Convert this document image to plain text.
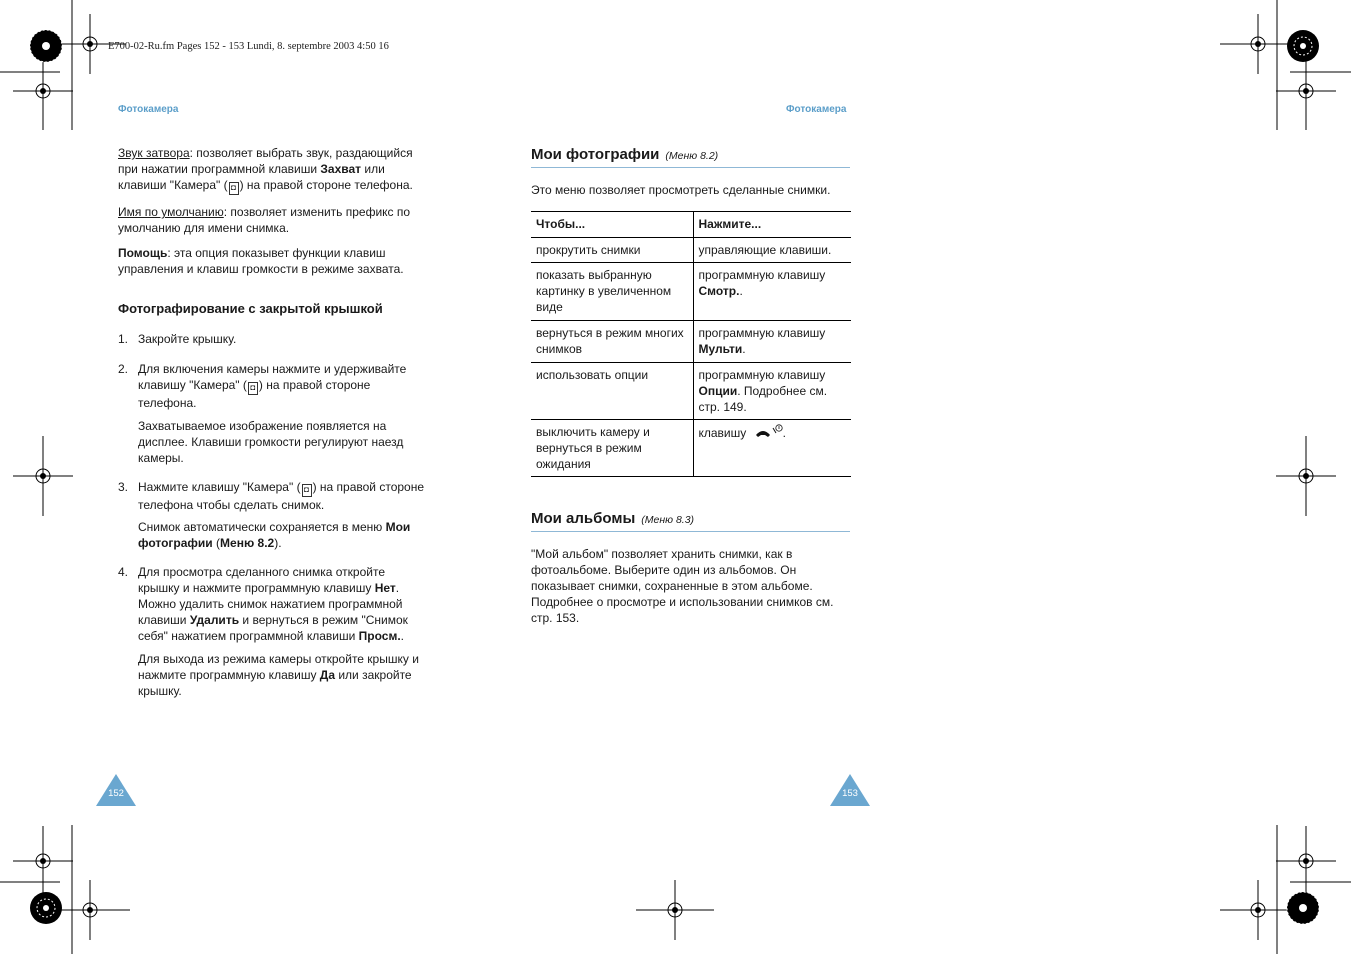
E700-02-Ru.fm Pages 152 - 153 Lundi, 8. septembre 2003 4:50 16
Фотокамера	Фотокамера

Звук затвора: позволяет выбрать звук, раздающийся
при нажатии программной клавиши Захват или
клавиши "Камера" ( ◘ ) на правой стороне телефона.

Имя по умолчанию: позволяет изменить префикс по
умолчанию для имени снимка.

Помощь: эта опция показывет функции клавиш
управления и клавиш громкости в режиме захвата.

Фотографирование с закрытой крышкой
1. Закройте крышку.
2. Для включения камеры нажмите и удерживайте
клавишу "Камера" ( ◘ ) на правой стороне
телефона.

Захватываемое изображение появляется на
дисплее. Клавиши громкости регулируют наезд
камеры.

3. Нажмите клавишу "Камера" ( ◘ ) на правой стороне
телефона чтобы сделать снимок.

Снимок автоматически сохраняется в меню Мои
фотографии (Меню 8.2).

4. Для просмотра сделанного снимка откройте
крышку и нажмите программную клавишу Нет.
Можно удалить снимок нажатием программной
клавиши Удалить и вернуться в режим "Снимок
себя" нажатием программной клавиши Просм..

Для выхода из режима камеры откройте крышку и
нажмите программную клавишу Да или закройте
крышку.

152
Мои фотографии (Меню 8.2)
Это меню позволяет просмотреть сделанные снимки.
Чтобы...	Нажмите...
прокрутить снимки	управляющие клавиши.
показать выбранную
картинку в увеличенном
виде	программную клавишу
Смотр..
вернуться в режим многих
снимков	программную клавишу
Мульти.
использовать опции	программную клавишу
Опции. Подробнее см.
стр. 149.
выключить камеру и
вернуться в режим
ожидания	клавишу .
Мои альбомы (Меню 8.3)
"Мой альбом" позволяет хранить снимки, как в
фотоальбоме. Выберите один из альбомов. Он
показывает снимки, сохраненные в этом альбоме.
Подробнее о просмотре и использовании снимков см.
стр. 153.
153
